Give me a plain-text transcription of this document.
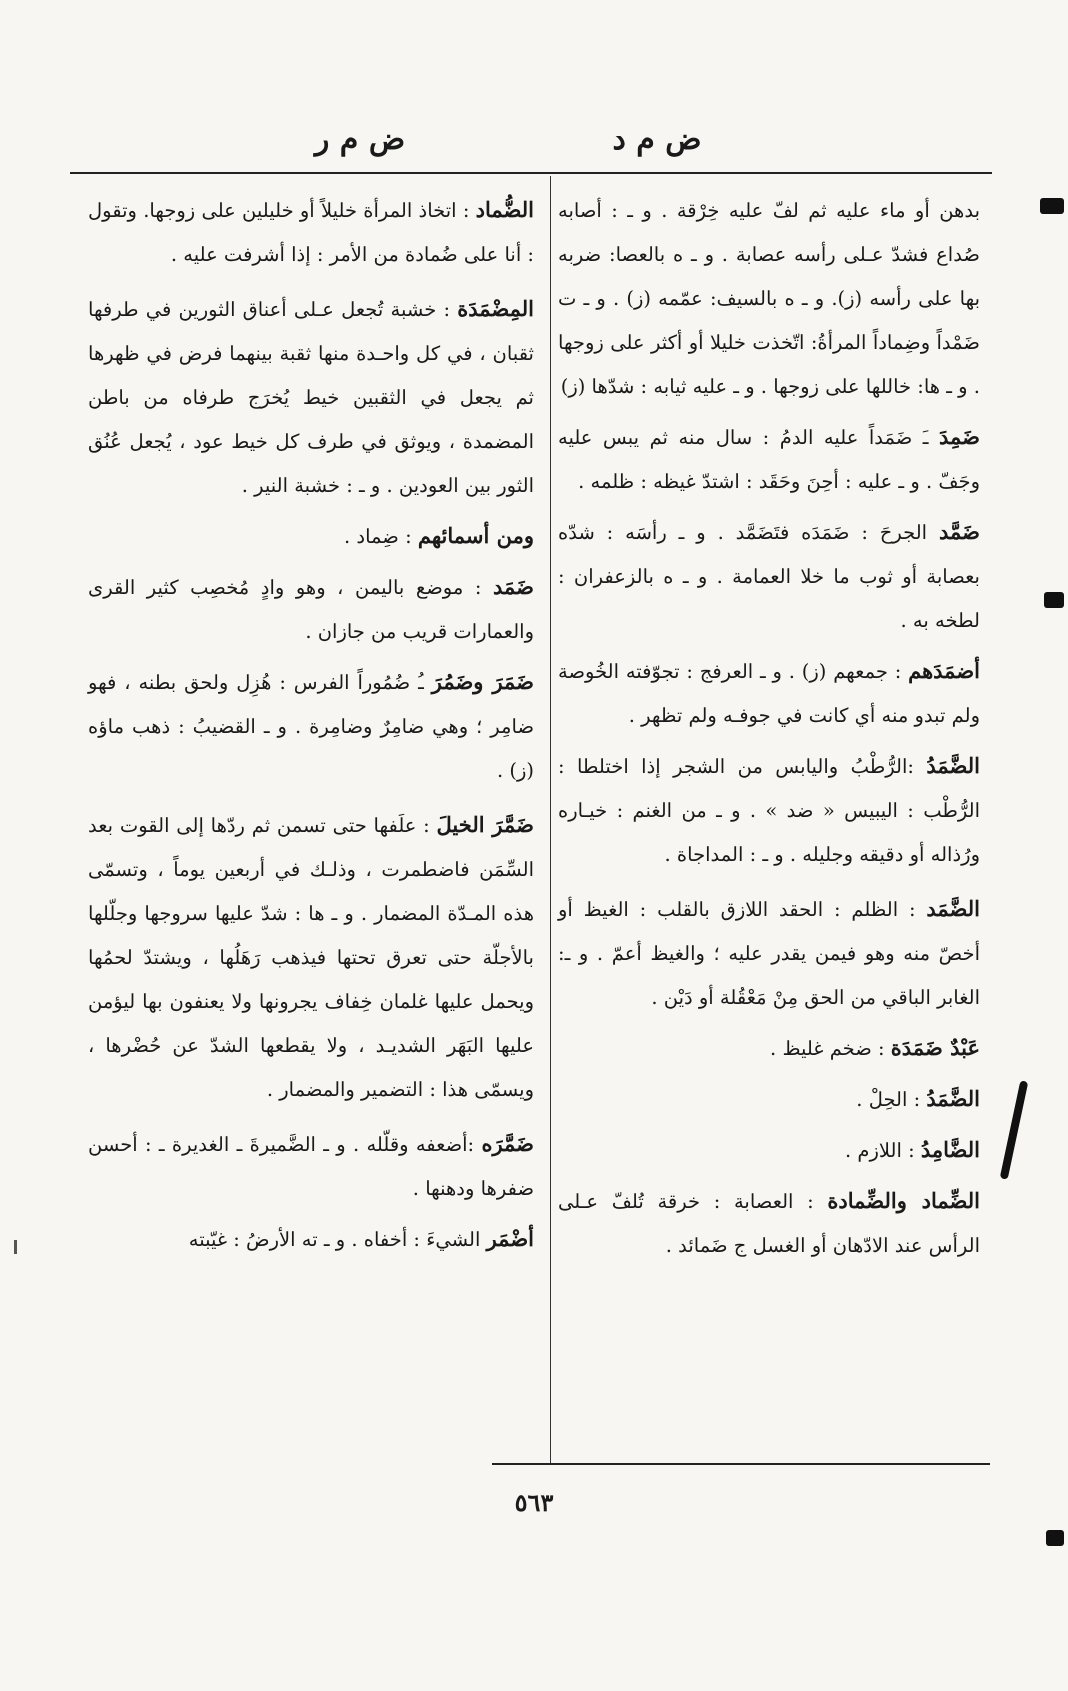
ض م د
ض م ر
بدهن أو ماء عليه ثم لفّ عليه خِرْقة . و ـ : أصابه صُداع فشدّ عـلى رأسه عصابة . و ـ ه بالعصا: ضربه بها على رأسه (ز). و ـ ه بالسيف: عمّمه (ز) . و ـ ت ضَمْداً وضِماداً المرأةُ: اتّخذت خليلا أو أكثر على زوجها . و ـ ها: خاللها على زوجها . و ـ عليه ثيابه : شدّها (ز)
ضَمِدَ ـَ ضَمَداً عليه الدمُ : سال منه ثم يبس عليه وجَفّ . و ـ عليه : أحِنَ وحَقَد : اشتدّ غيظه : ظلمه .
ضَمَّد الجرحَ : ضَمَدَه فتَضَمَّد . و ـ رأسَه : شدّه بعصابة أو ثوب ما خلا العمامة . و ـ ه بالزعفران : لطخه به .
أضمَدَهم : جمعهم (ز) . و ـ العرفج : تجوّفته الخُوصة ولم تبدو منه أي كانت في جوفـه ولم تظهر .
الضَّمَدُ :الرُّطْبُ واليابس من الشجر إذا اختلطا : الرُّطْب : اليبيس « ضد » . و ـ من الغنم : خيـاره ورُذاله أو دقيقه وجليله . و ـ : المداجاة .
الضَّمَد : الظلم : الحقد اللازق بالقلب : الغيظ أو أخصّ منه وهو فيمن يقدر عليه ؛ والغيظ أعمّ . و ـ: الغابر الباقي من الحق مِنْ مَعْقُلة أو دَيْن .
عَبْدٌ ضَمَدَة : ضخم غليظ .
الضَّمَدُ : الحِلْ .
الضَّامِدُ : اللازم .
الضِّماد والضِّمادة : العصابة : خرقة تُلفّ عـلى الرأس عند الادّهان أو الغسل ج ضَمائد .
الضُّماد : اتخاذ المرأة خليلاً أو خليلين على زوجها. وتقول : أنا على ضُمادة من الأمر : إذا أشرفت عليه .
المِضْمَدَة : خشبة تُجعل عـلى أعناق الثورين في طرفها ثقبان ، في كل واحـدة منها ثقبة بينهما فرض في ظهرها ثم يجعل في الثقبين خيط يُخرَج طرفاه من باطن المضمدة ، ويوثق في طرف كل خيط عود ، يُجعل عُنُق الثور بين العودين . و ـ : خشبة النير .
ومن أسمائهم : ضِماد .
ضَمَد : موضع باليمن ، وهو وادٍ مُخصِب كثير القرى والعمارات قريب من جازان .
ضَمَرَ وضَمُرَ ـُ ضُمُوراً الفرس : هُزِل ولحق بطنه ، فهو ضامِر ؛ وهي ضامِرٌ وضامِرة . و ـ القضيبُ : ذهب ماؤه (ز) .
ضَمَّرَ الخيلَ : علَفها حتى تسمن ثم ردّها إلى القوت بعد السِّمَن فاضطمرت ، وذلـك في أربعين يوماً ، وتسمّى هذه المـدّة المضمار . و ـ ها : شدّ عليها سروجها وجلّلها بالأجلّة حتى تعرق تحتها فيذهب رَهَلُها ، ويشتدّ لحمُها ويحمل عليها غلمان خِفاف يجرونها ولا يعنفون بها ليؤمن عليها البَهَر الشديـد ، ولا يقطعها الشدّ عن حُضْرها ، ويسمّى هذا : التضمير والمضمار .
ضَمَّرَه :أضعفه وقلّله . و ـ الضَّميرةَ ـ الغديرة ـ : أحسن ضفرها ودهنها .
أضْمَر الشيءَ : أخفاه . و ـ ته الأرضُ : غيّبته
٥٦٣
